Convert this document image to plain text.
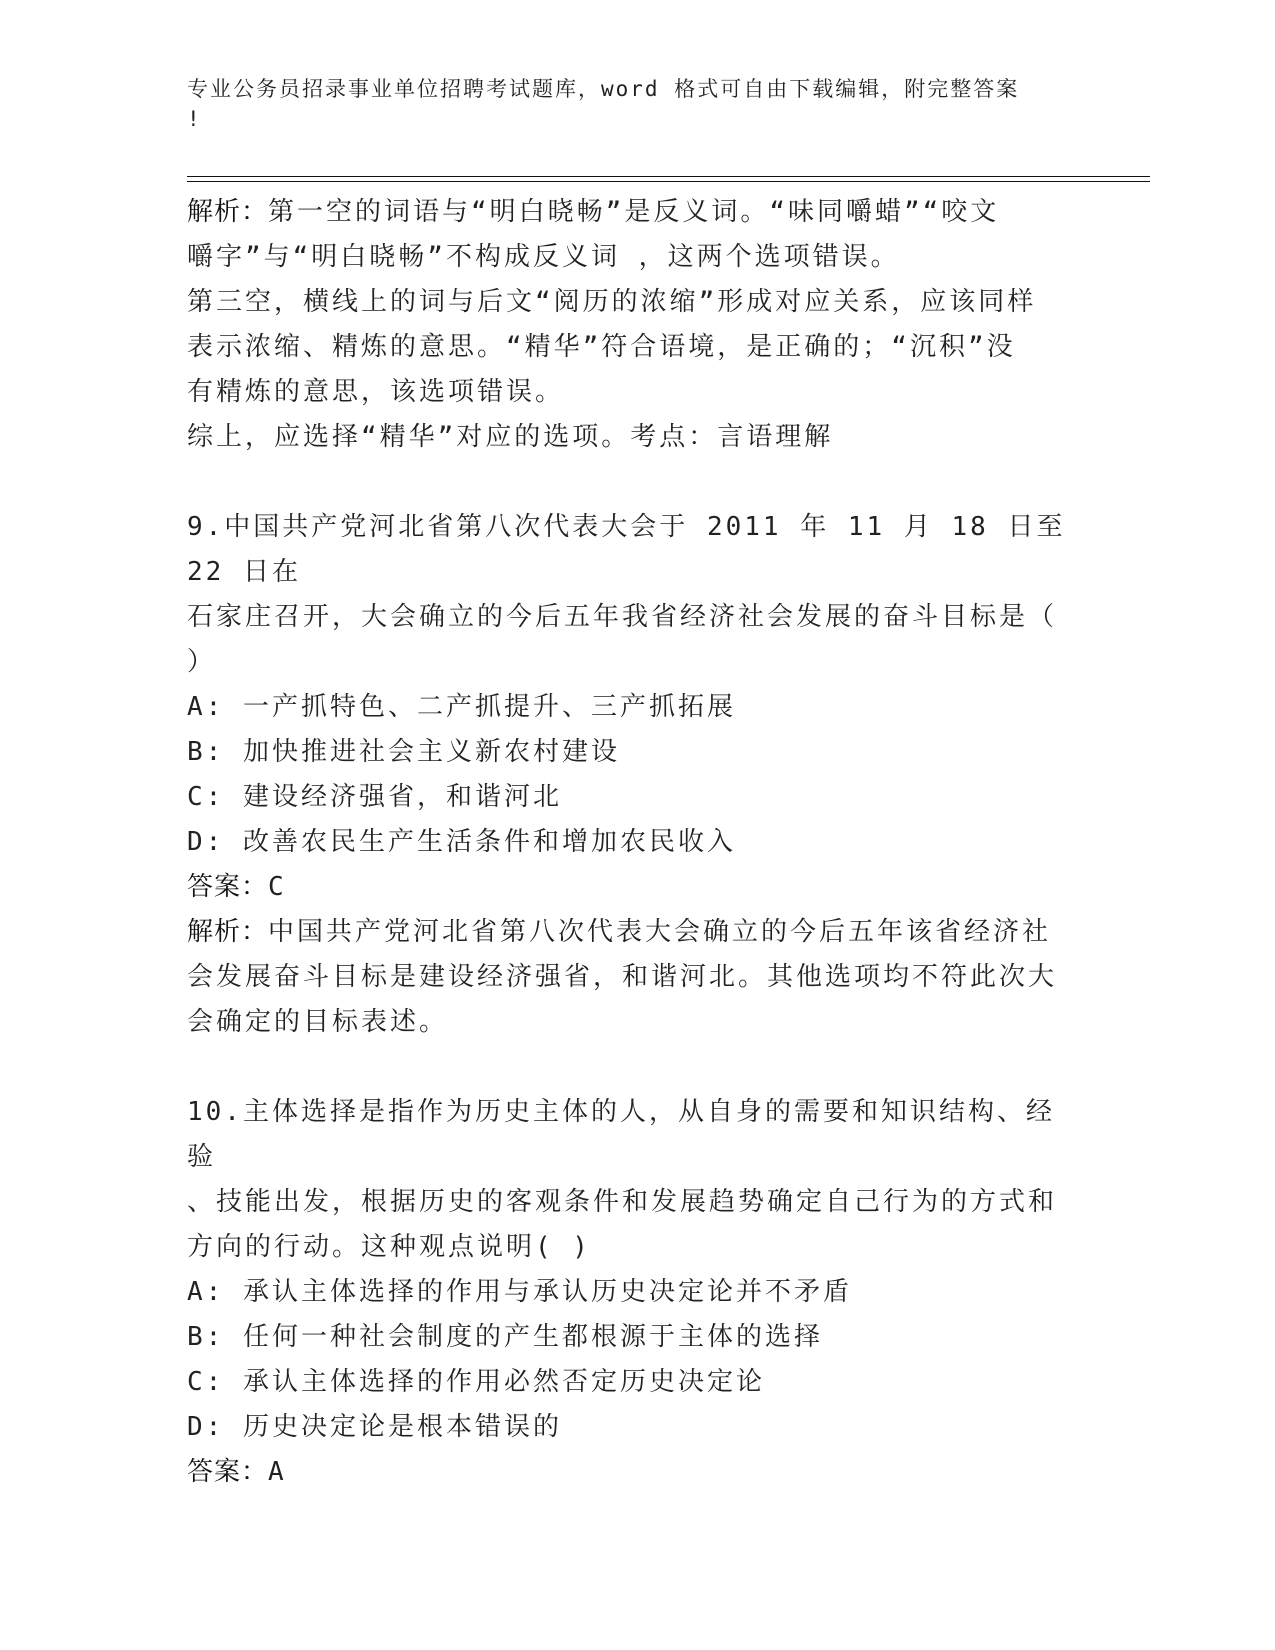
专业公务员招录事业单位招聘考试题库，word 格式可自由下载编辑，附完整答案
!

解析：第一空的词语与“明白晓畅”是反义词。“味同嚼蜡”“咬文

嚼字”与“明白晓畅”不构成反义词 ，这两个选项错误。

第三空，横线上的词与后文“阅历的浓缩”形成对应关系，应该同样

表示浓缩、精炼的意思。“精华”符合语境，是正确的；“沉积”没

有精炼的意思，该选项错误。

综上，应选择“精华”对应的选项。考点：言语理解

9.中国共产党河北省第八次代表大会于 2011 年 11 月 18 日至 22 日在

石家庄召开，大会确立的今后五年我省经济社会发展的奋斗目标是（

）

A: 一产抓特色、二产抓提升、三产抓拓展

B: 加快推进社会主义新农村建设

C: 建设经济强省，和谐河北

D: 改善农民生产生活条件和增加农民收入

答案：C

解析：中国共产党河北省第八次代表大会确立的今后五年该省经济社

会发展奋斗目标是建设经济强省，和谐河北。其他选项均不符此次大

会确定的目标表述。

10.主体选择是指作为历史主体的人，从自身的需要和知识结构、经验

、技能出发，根据历史的客观条件和发展趋势确定自己行为的方式和

方向的行动。这种观点说明( )

A: 承认主体选择的作用与承认历史决定论并不矛盾

B: 任何一种社会制度的产生都根源于主体的选择

C: 承认主体选择的作用必然否定历史决定论

D: 历史决定论是根本错误的

答案：A
